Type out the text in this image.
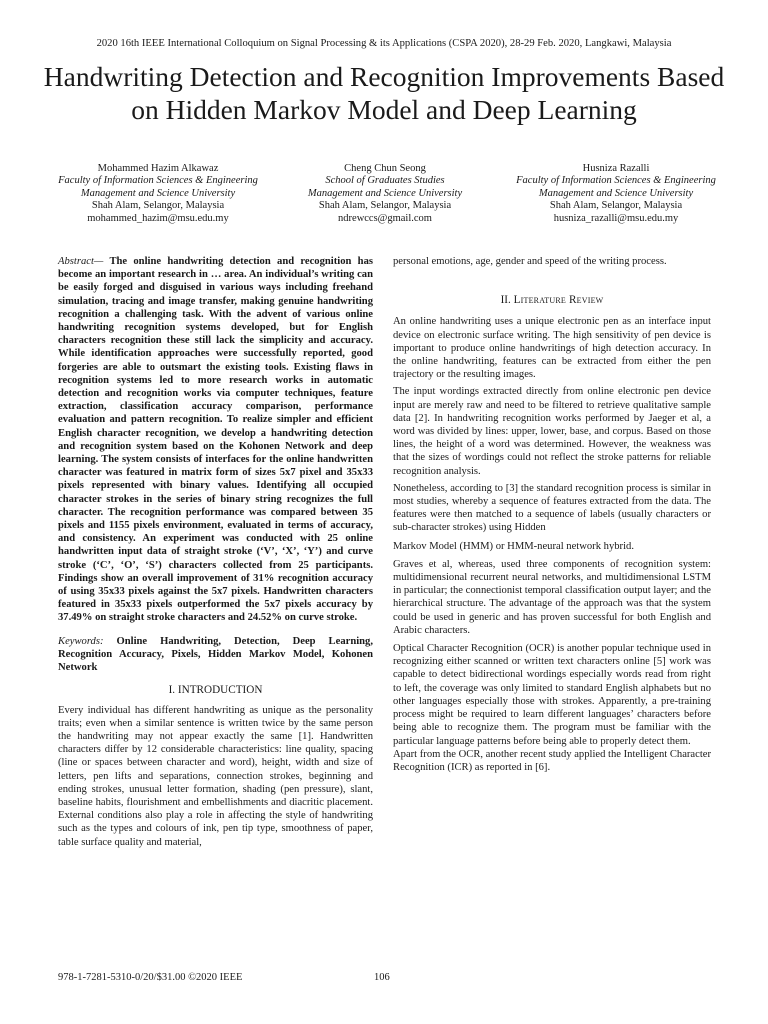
2020 16th IEEE International Colloquium on Signal Processing & its Applications (CSPA 2020), 28-29 Feb. 2020, Langkawi, Malaysia
Handwriting Detection and Recognition Improvements Based on Hidden Markov Model and Deep Learning
Mohammed Hazim Alkawaz
Faculty of Information Sciences & Engineering
Management and Science University
Shah Alam, Selangor, Malaysia
mohammed_hazim@msu.edu.my
Cheng Chun Seong
School of Graduates Studies
Management and Science University
Shah Alam, Selangor, Malaysia
ndrewccs@gmail.com
Husniza Razalli
Faculty of Information Sciences & Engineering
Management and Science University
Shah Alam, Selangor, Malaysia
husniza_razalli@msu.edu.my

Abstract— The online handwriting detection and recognition has become an important research in … area. An individual’s writing can be easily forged and disguised in various ways including freehand simulation, tracing and image transfer, making genuine handwriting recognition a challenging task. With the advent of various online handwriting recognition systems developed, but for English characters recognition these still lack the simplicity and accuracy. While identification approaches were successfully reported, good forgeries are able to outsmart the existing tools. Existing flaws in recognition systems led to more research works in automatic detection and recognition works via computer techniques, feature extraction, classification accuracy comparison, performance evaluation and pattern recognition. To realize simpler and efficient English character recognition, we develop a handwriting detection and recognition system based on the Kohonen Network and deep learning. The system consists of interfaces for the online handwritten character was featured in matrix form of sizes 5x7 pixel and 35x33 pixels represented with binary values. Identifying all occupied character strokes in the series of binary string recognizes the full character. The recognition performance was compared between 35 pixels and 1155 pixels environment, evaluated in terms of accuracy, and consistency. An experiment was conducted with 25 online handwritten input data of straight stroke (‘V’, ‘X’, ‘Y’) and curve stroke (‘C’, ‘O’, ‘S’) characters collected from 25 participants. Findings show an overall improvement of 31% recognition accuracy of using 35x33 pixels against the 5x7 pixels. Handwritten characters featured in 35x33 pixels outperformed the 5x7 pixels accuracy by 37.49% on straight stroke characters and 24.52% on curve stroke.

Keywords: Online Handwriting, Detection, Deep Learning, Recognition Accuracy, Pixels, Hidden Markov Model, Kohonen Network

I. INTRODUCTION

Every individual has different handwriting as unique as the personality traits; even when a similar sentence is written twice by the same person the handwriting may not appear exactly the same [1]. Handwritten characters differ by 12 considerable characteristics: line quality, spacing (line or spaces between character and word), height, width and size of letters, pen lifts and separations, connection strokes, beginning and ending strokes, unusual letter formation, shading (pen pressure), slant, baseline habits, flourishment and embellishments and diacritic placement. External conditions also play a role in affecting the style of handwriting such as the types and colours of ink, pen tip type, smoothness of paper, table surface quality and material,

personal emotions, age, gender and speed of the writing process.

II. Literature Review

An online handwriting uses a unique electronic pen as an interface input device on electronic surface writing. The high sensitivity of pen device is important to produce online handwritings of high detection accuracy. In the online handwriting, features can be extracted from either the pen trajectory or the resulting images.

The input wordings extracted directly from online electronic pen device input are merely raw and need to be filtered to retrieve qualitative sample data [2]. In handwriting recognition works performed by Jaeger et al, a word was divided by lines: upper, lower, base, and corpus. Based on those lines, the height of a word was determined. However, the weakness was that the sizes of wordings could not reflect the stroke patterns for reliable recognition analysis.

Nonetheless, according to [3] the standard recognition process is similar in most studies, whereby a sequence of features extracted from the data. The features were then matched to a sequence of labels (usually characters or sub-character strokes) using Hidden

Markov Model (HMM) or HMM-neural network hybrid.

Graves et al, whereas, used three components of recognition system: multidimensional recurrent neural networks, and multidimensional LSTM in particular; the connectionist temporal classification output layer; and the hierarchical structure. The advantage of the approach was that the system could be used in generic and has proven successful for both English and Arabic characters.

Optical Character Recognition (OCR) is another popular technique used in recognizing either scanned or written text characters online [5] work was capable to detect bidirectional wordings especially words read from right to left, the coverage was only limited to standard English alphabets but no other languages especially those with strokes. Apparently, a pre-training process might be required to learn different languages’ characters before being able to recognize them. The program must be familiar with the particular language patterns before being able to properly detect them.

Apart from the OCR, another recent study applied the Intelligent Character Recognition (ICR) as reported in [6].

978-1-7281-5310-0/20/$31.00 ©2020 IEEE	106
